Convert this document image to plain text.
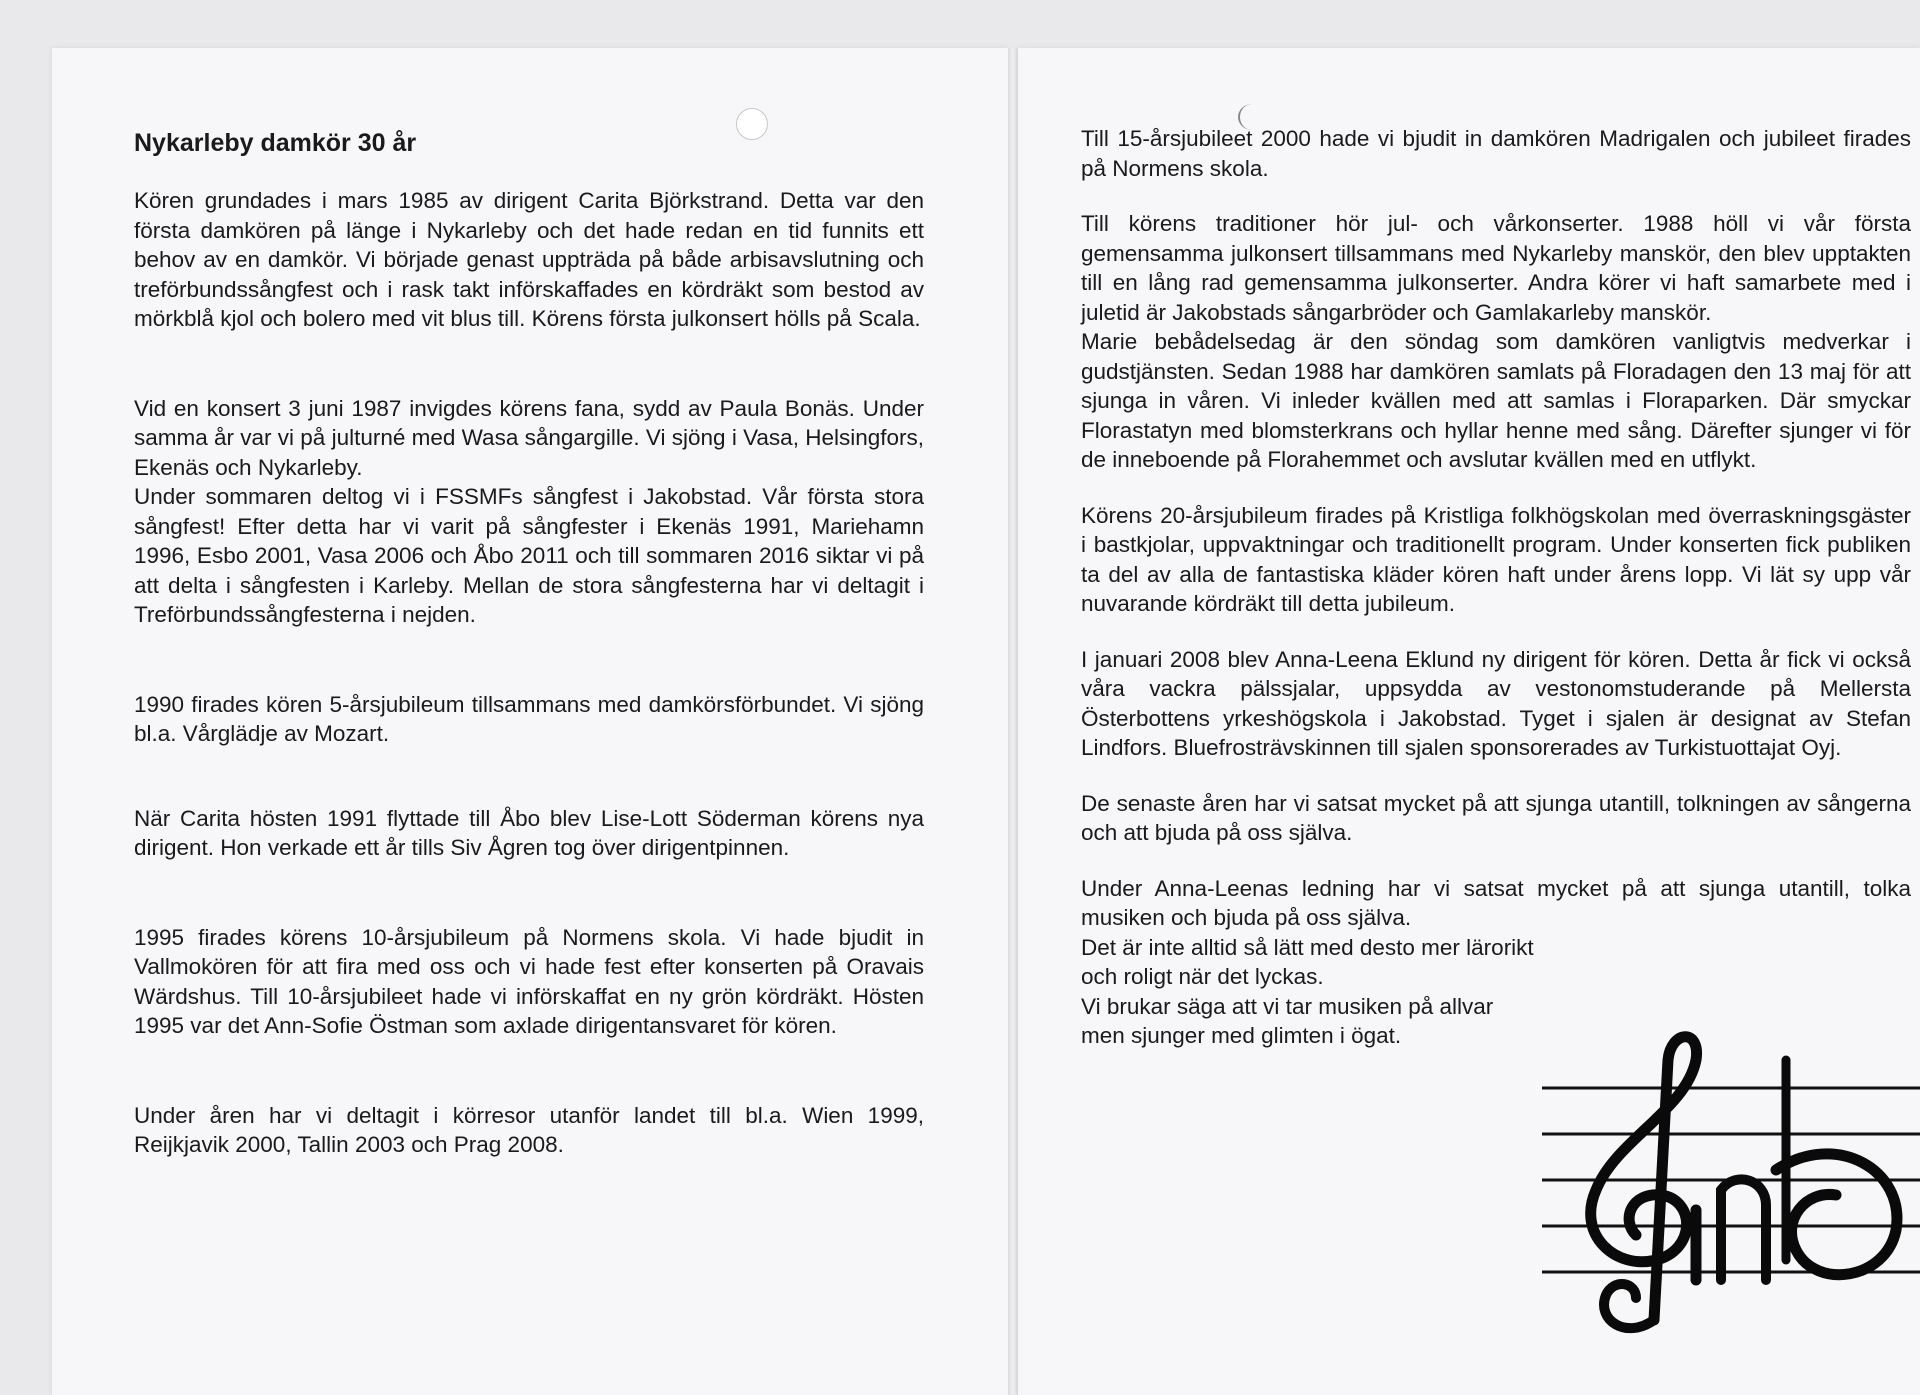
Nykarleby damkör 30 år

Kören grundades i mars 1985 av dirigent Carita Björkstrand. Detta var den första damkören på länge i Nykarleby och det hade redan en tid funnits ett behov av en damkör. Vi började genast uppträda på både arbisavslutning och treförbundssångfest och i rask takt införskaffades en kördräkt som bestod av mörkblå kjol och bolero med vit blus till. Körens första julkonsert hölls på Scala.

Vid en konsert 3 juni 1987 invigdes körens fana, sydd av Paula Bonäs. Under samma år var vi på julturné med Wasa sångargille. Vi sjöng i Vasa, Helsingfors, Ekenäs och Nykarleby.

Under sommaren deltog vi i FSSMFs sångfest i Jakobstad. Vår första stora sångfest! Efter detta har vi varit på sångfester i Ekenäs 1991, Mariehamn 1996, Esbo 2001, Vasa 2006 och Åbo 2011 och till sommaren 2016 siktar vi på att delta i sångfesten i Karleby. Mellan de stora sångfesterna har vi deltagit i Treförbundssångfesterna i nejden.

1990 firades kören 5-årsjubileum tillsammans med damkörsförbundet. Vi sjöng bl.a. Vårglädje av Mozart.

När Carita hösten 1991 flyttade till Åbo blev Lise-Lott Söderman körens nya dirigent. Hon verkade ett år tills Siv Ågren tog över dirigentpinnen.

1995 firades körens 10-årsjubileum på Normens skola. Vi hade bjudit in Vallmokören för att fira med oss och vi hade fest efter konserten på Oravais Wärdshus. Till 10-årsjubileet hade vi införskaffat en ny grön kördräkt. Hösten 1995 var det Ann-Sofie Östman som axlade dirigentansvaret för kören.

Under åren har vi deltagit i körresor utanför landet till bl.a. Wien 1999, Reijkjavik 2000, Tallin 2003 och Prag 2008.

Till 15-årsjubileet 2000 hade vi bjudit in damkören Madrigalen och jubileet firades på Normens skola.

Till körens traditioner hör jul- och vårkonserter. 1988 höll vi vår första gemensamma julkonsert tillsammans med Nykarleby manskör, den blev upptakten till en lång rad gemensamma julkonserter. Andra körer vi haft samarbete med i juletid är Jakobstads sångarbröder och Gamlakarleby manskör.

Marie bebådelsedag är den söndag som damkören vanligtvis medverkar i gudstjänsten. Sedan 1988 har damkören samlats på Floradagen den 13 maj för att sjunga in våren. Vi inleder kvällen med att samlas i Floraparken. Där smyckar Florastatyn med blomsterkrans och hyllar henne med sång. Därefter sjunger vi för de inneboende på Florahemmet och avslutar kvällen med en utflykt.

Körens 20-årsjubileum firades på Kristliga folkhögskolan med överraskningsgäster i bastkjolar, uppvaktningar och traditionellt program. Under konserten fick publiken ta del av alla de fantastiska kläder kören haft under årens lopp. Vi lät sy upp vår nuvarande kördräkt till detta jubileum.

I januari 2008 blev Anna-Leena Eklund ny dirigent för kören. Detta år fick vi också våra vackra pälssjalar, uppsydda av vestonomstuderande på Mellersta Österbottens yrkeshögskola i Jakobstad. Tyget i sjalen är designat av Stefan Lindfors. Bluefrosträvskinnen till sjalen sponsorerades av Turkistuottajat Oyj.

De senaste åren har vi satsat mycket på att sjunga utantill, tolkningen av sångerna och att bjuda på oss själva.

Under Anna-Leenas ledning har vi satsat mycket på att sjunga utantill, tolka musiken och bjuda på oss själva.

Det är inte alltid så lätt med desto mer lärorikt och roligt när det lyckas.

Vi brukar säga att vi tar musiken på allvar men sjunger med glimten i ögat.
